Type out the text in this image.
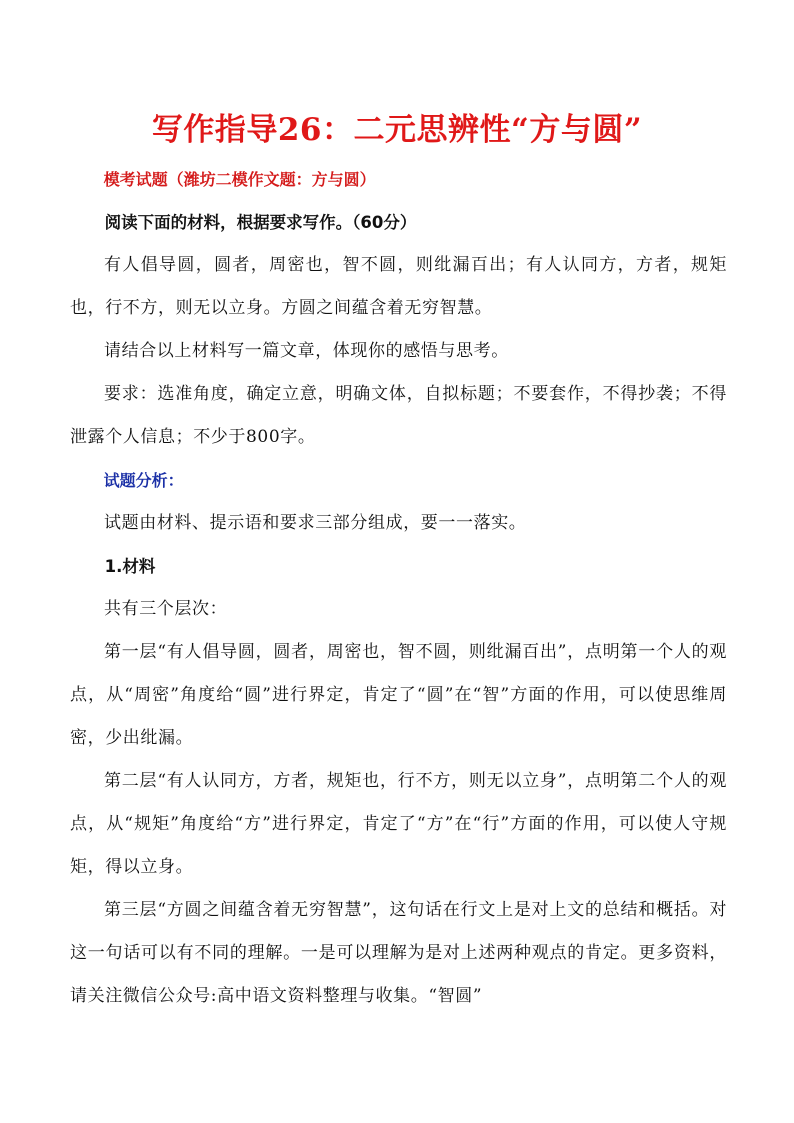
写作指导26：二元思辨性“方与圆”

模考试题（潍坊二模作文题：方与圆）

阅读下面的材料，根据要求写作。（60分）

有人倡导圆，圆者，周密也，智不圆，则纰漏百出；有人认同方，方者，规矩也，行不方，则无以立身。方圆之间蕴含着无穷智慧。

请结合以上材料写一篇文章，体现你的感悟与思考。

要求：选准角度，确定立意，明确文体，自拟标题；不要套作，不得抄袭；不得泄露个人信息；不少于800字。

试题分析：

试题由材料、提示语和要求三部分组成，要一一落实。

1.材料

共有三个层次：

第一层“有人倡导圆，圆者，周密也，智不圆，则纰漏百出”，点明第一个人的观点，从“周密”角度给“圆”进行界定，肯定了“圆”在“智”方面的作用，可以使思维周密，少出纰漏。

第二层“有人认同方，方者，规矩也，行不方，则无以立身”，点明第二个人的观点，从“规矩”角度给“方”进行界定，肯定了“方”在“行”方面的作用，可以使人守规矩，得以立身。

第三层“方圆之间蕴含着无穷智慧”，这句话在行文上是对上文的总结和概括。对这一句话可以有不同的理解。一是可以理解为是对上述两种观点的肯定。更多资料，请关注微信公众号:高中语文资料整理与收集。“智圆”
